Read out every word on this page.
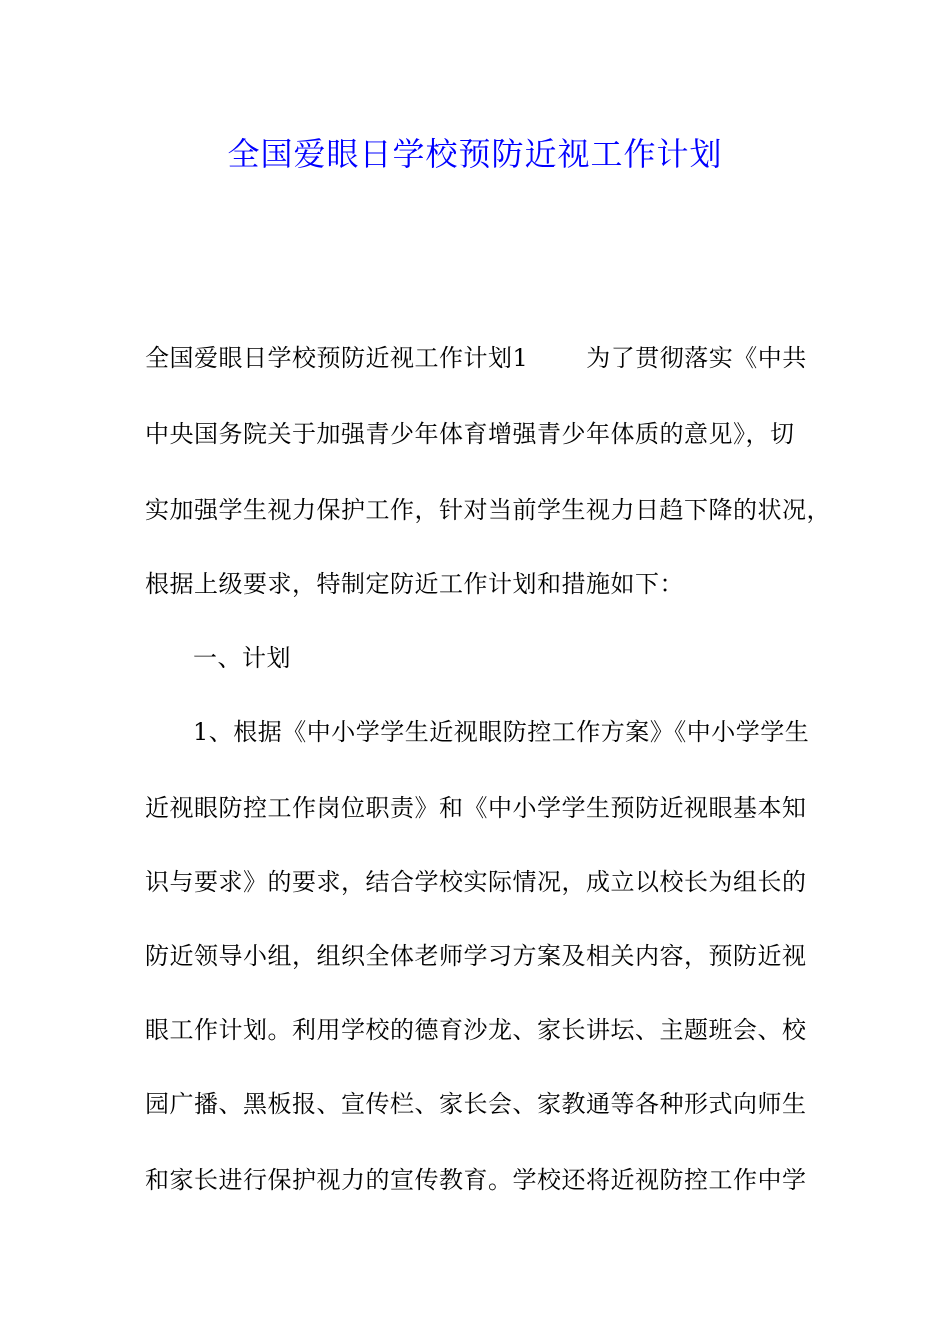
全国爱眼日学校预防近视工作计划
全国爱眼日学校预防近视工作计划1 为了贯彻落实《中共
中央国务院关于加强青少年体育增强青少年体质的意见》，切
实加强学生视力保护工作，针对当前学生视力日趋下降的状况，
根据上级要求，特制定防近工作计划和措施如下：
一、计划
1、根据《中小学学生近视眼防控工作方案》《中小学学生
近视眼防控工作岗位职责》和《中小学学生预防近视眼基本知
识与要求》的要求，结合学校实际情况，成立以校长为组长的
防近领导小组，组织全体老师学习方案及相关内容，预防近视
眼工作计划。利用学校的德育沙龙、家长讲坛、主题班会、校
园广播、黑板报、宣传栏、家长会、家教通等各种形式向师生
和家长进行保护视力的宣传教育。学校还将近视防控工作中学
